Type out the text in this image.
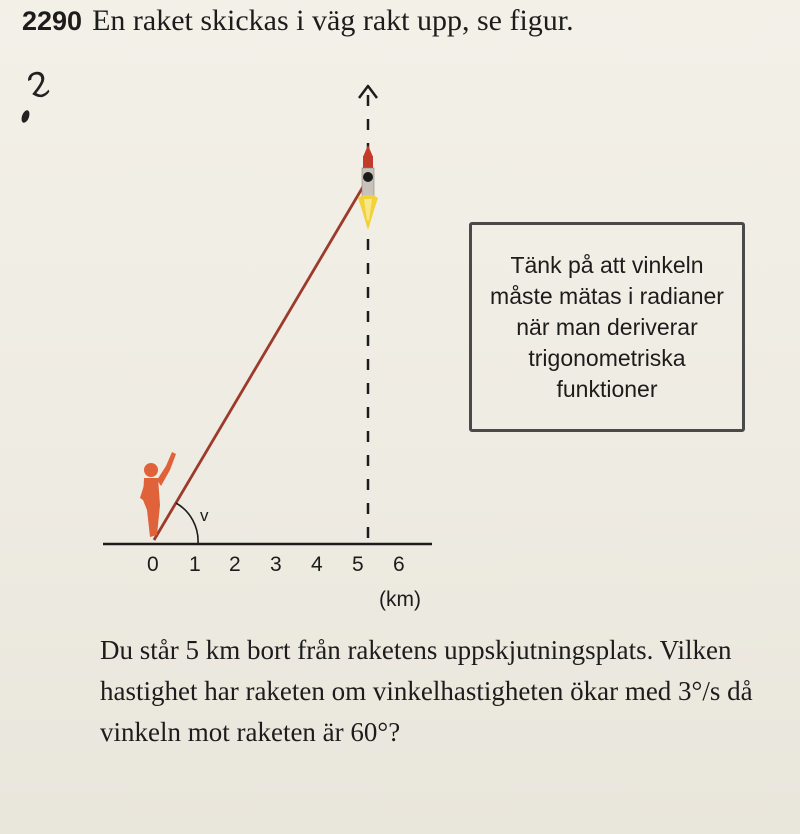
2290 En raket skickas i väg rakt upp, se figur.
ϩ
v
0 1 2 3 4 5 6
(km)
Tänk på att vinkeln måste mätas i radianer när man deriverar trigonometriska funktioner
Du står 5 km bort från raketens uppskjutningsplats. Vilken hastighet har raketen om vinkelhastigheten ökar med 3°/s då vinkeln mot raketen är 60°?
